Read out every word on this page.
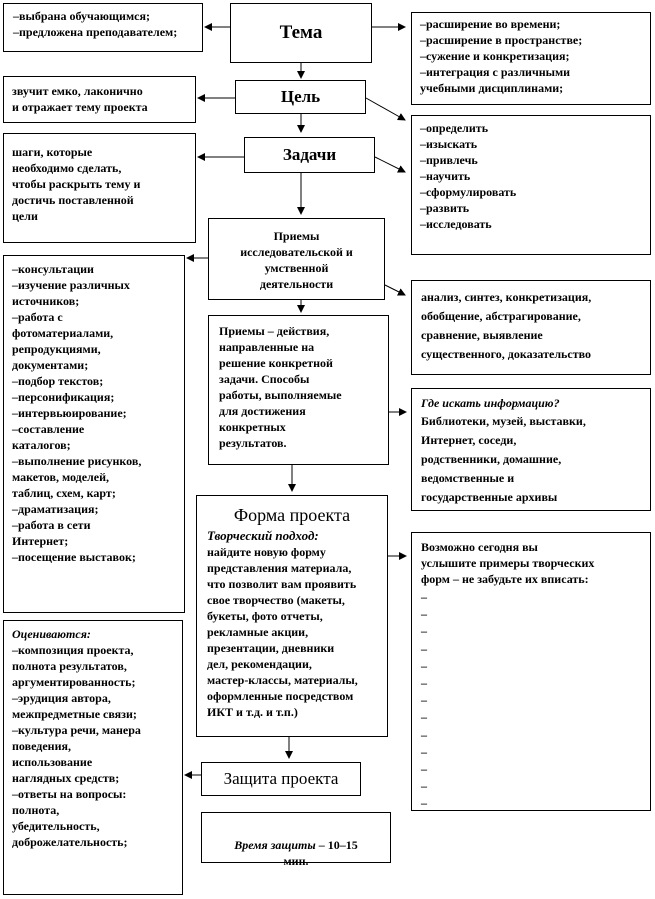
–выбрана обучающимся;
–предложена преподавателем;
звучит емко, лаконично
и отражает тему проекта
шаги, которые
необходимо сделать,
чтобы раскрыть тему и
достичь поставленной
цели
–консультации
–изучение различных
источников;
–работа с
фотоматериалами,
репродукциями,
документами;
–подбор текстов;
–персонификация;
–интервьюирование;
–составление
каталогов;
–выполнение рисунков,
макетов, моделей,
таблиц, схем, карт;
–драматизация;
–работа в сети
Интернет;
–посещение выставок;
Оцениваются:
–композиция проекта,
полнота результатов,
аргументированность;
–эрудиция автора,
межпредметные связи;
–культура речи, манера
поведения,
использование
наглядных средств;
–ответы на вопросы:
полнота,
убедительность,
доброжелательность;
Тема
Цель
Задачи
Приемы
исследовательской и
умственной
деятельности
Приемы – действия,
направленные на
решение конкретной
задачи. Способы
работы, выполняемые
для достижения
конкретных
результатов.
Форма проекта
Творческий подход:
найдите новую форму
представления материала,
что позволит вам проявить
свое творчество (макеты,
букеты, фото отчеты,
рекламные акции,
презентации, дневники
дел, рекомендации,
мастер-классы, материалы,
оформленные посредством
ИКТ и т.д. и т.п.)
Защита проекта

Время защиты – 10–15
мин.

–расширение во времени;
–расширение в пространстве;
–сужение и конкретизация;
–интеграция с различными
учебными дисциплинами;
–определить
–изыскать
–привлечь
–научить
–сформулировать
–развить
–исследовать
анализ, синтез, конкретизация,
обобщение, абстрагирование,
сравнение, выявление
существенного, доказательство
Где искать информацию?
Библиотеки, музей, выставки,
Интернет, соседи,
родственники, домашние,
ведомственные и
государственные архивы
Возможно сегодня вы
услышите примеры творческих
форм – не забудьте их вписать:
–
–
–
–
–
–
–
–
–
–
–
–
–
